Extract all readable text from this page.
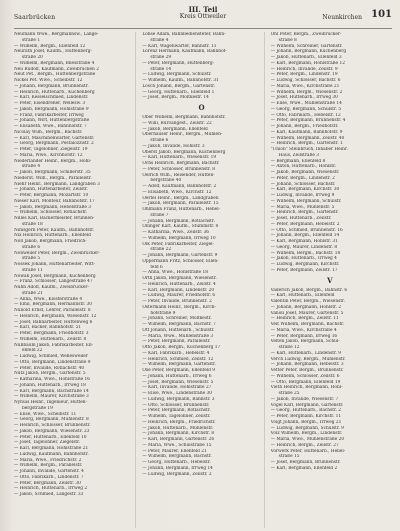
Saarbrücken
III. Teil
Kreis Ottweiler	Neunkirchen 101
Neumann Wwe., Bergmannsw., Lange-
straße 1
— Wilhelm, Bergm., Ellenfeld 12
Neurath Josef, Kaufm., Hüttenberg-
straße 20
— Wilhelm, Bergmann, Bliesstraße 4
Neu Rudolf, Kaufmann, Zweibrücken 2
Neut Pet., Bergm., Hüttenbergstraße
Nickel Pet. Wwe., Scheibstr. 12
— Johann, Bergmann, Brunnenstr.
— Heinrich, Hüttenarb., Kuchenberg
— Karl, Kesselschmied, Lindenstr.
— Peter, Eisendreher, Wellesw. 3
— Jakob, Bergmann, Hohlstraße 9
— Franz, Fabrikarbeiter, Irrweg
— Johann, Wirt, Hüttenbergstraße
— Elisabeth, Wwe., Bahnhofstr. 7
Nicolay Wilh., Bergm., Bachstr.
— Karl, Maschinenwärter, Gartenstr.
— Georg, Bergmann, Pestalozzistr. 2
— Peter, Tagelöhner, Ziegelstr. 19
— Maria, Wwe., Kirchhofstr. 12
Niederländer Heinr., Bergm., Hohl-
straße 4
— Jakob, Bergmann, Schillerstr. 35
Niederst. Wilh., Bergm., Parallelstr.
Niehr Heinr., Bergmann, Landgraben 3
— Johann, Hüttenarbeiter, Zeilstr.
— Peter, Bergmann, Mozartstr. 10
Nieser Karl, Monteur, Bahnhofstr. 17
— Jakob, Bergmann, Hebelstraße 3
— Wilhelm, Schlosser, Rotlachstr.
Nilles Karl, Bäckermeister, Brunnen-
straße 18
Nimsgern Peter, Kaufm., Bahnhofstr.
Nix Heinrich, Hüttenarb., Ellenfeld
Noll Jakob, Bergmann, Friedrich-
straße 6
Nonweiler Peter, Bergm., Zweibrücker-
straße 5
Nossek Johann, Hüttenarbeiter, Witt-
straße 11
Nowak Josef, Bergmann, Kuchenberg
— Franz, Schlosser, Langestraße 47
Nuhn Adolf, Kaufm., Zweibrücker-
straße 21
— Anna, Wwe., Klosterstraße 4
— Emil, Bergmann, Hermannstr. 30
Nunold Ernst, Lehrer, Parallelstr. 8
— Heinrich, Bergmann, Wiesenstr. 12
— Josef, Bahnarbeiter, Hüttenweg 6
— Karl, Bäcker, Bahnhofstr. 51
— Peter, Bergmann, Friedhofstr. 3
— Wilhelm, Hüttenarb., Zeilstr. 8
Nußbaum Jakob, Fabrikarbeiter, Ell-
enfeld 22
— Ludwig, Schmied, Wellesweiler
— Otto, Bergmann, Lindenstraße 9
— Peter, Invalide, Rotlachstr. 40
Nutz Jakob, Bergm., Gartenstr. 5
— Katharina, Wwe., Hohlstraße 16
— Johann, Hüttenarb., Irrweg 18
— Karl, Bergmann, Bachstraße 14
— Wilhelm, Maurer, Kirchstraße 3
Nyhuis Heinr., Ingenieur, Hütten-
bergstraße 19
— Elise, Wwe., Scheibstr. 11
— Georg, Bergmann, Mühlenstr. 8
— Heinrich, Schlosser, Brunnenstr.
— Jakob, Bergmann, Wiesenstr. 23
— Peter, Hüttenarb., Ellenfeld 10
— Josef, Tagelöhner, Ziegelstr.
— Karl, Bergmann, Hohlstraße 21
— Ludwig, Kaufmann, Bahnhofstr.
— Maria, Wwe., Friedrichstr. 2
— Wilhelm, Bergm., Parallelstr.
— Johann, Invalide, Gartenstr. 4
— Otto, Fabrikarb., Lindenstr. 7
— Peter, Bergmann, Zeilstr. 30
— Heinrich, Hüttenarb., Irrweg 2
— Jakob, Schmied, Langestr. 33
Lohse Adam, Bahnbediensteter, Bahn-
straße 4
— Karl, Wagenwärter, Bahnstr. 11
Lorenz Hermann, Kaufmann, Bahnhof-
straße 29
— Peter, Bergmann, Hüttenberg-
straße 14
— Ludwig, Bergmann, Schulstr.
— Wilhelm, Kaufm., Bahnhofstr. 31
Lösch Johann, Bergm., Gartenstr.
— Georg, Hüttenarb., Ellenfeld 1
— Josef, Bergm., Moltkestr. 14
O
Ober Wilhelm, Bergmann, Bahnhofstr.
— Willi, Büroangest., Zeilstr. 22
— Jakob, Bergmann, Ellenfeld
Oberhauser Heinr., Bergm., Mühlen-
straße 6
— Jakob, Invalide, Hohlstr. 3
Oberst Jakob, Bergmann, Kuchenberg
— Karl, Hüttenarb., Wiesenstr. 19
Ochs Heinrich, Bergmann, Bachstr.
— Peter, Schlosser, Brunnenstr. 8
Oelrich Wilh., Reisender, Hütten-
bergstraße 40
— Adolf, Kaufmann, Bahnhofstr. 2
— Elisabeth, Wwe., Kirchstr. 12
Oertel Heinr., Bergm., Landgraben
— Jakob, Bergmann, Parallelstr. 15
Ohlmann Franz, Hüttenarb., Hebel-
straße 7
— Johann, Bergmann, Rotlachstr.
Ollinger Karl, Kaufm., Stummstr. 8
— Katharina, Wwe., Zeilstr. 36
— Wilhelm, Bergmann, Irrweg 10
Olk Peter, Fabrikarbeiter, Ziegel-
straße 22
— Johann, Bergmann, Gartenstr. 9
Oppermann Fritz, Schlosser, Ellen-
feld 6
— Anna, Wwe., Hohlstraße 18
Orth Jakob, Bergmann, Wiesenstr.
— Heinrich, Hüttenarb., Zeilstr. 4
— Karl, Bergmann, Lindenstr. 20
— Ludwig, Maurer, Friedhofstr. 6
— Peter, Invalide, Brunnenstr. 2
Ostermann Heinr., Bergm., Kirch-
hofstraße 9
— Johann, Schreiner, Moltkestr.
— Wilhelm, Bergmann, Bachstr. 7
Ott Johann, Hüttenarb., Schulstr.
— Maria, Wwe., Mühlenstraße 3
— Peter, Bergmann, Parallelstr.
Otto Jakob, Bergm., Kuchenberg 17
— Karl, Fabrikarb., Hebelstr. 4
— Heinrich, Schmied, Zeilstr. 12
— Wilhelm, Bergmann, Gartenstr.
Oxé Peter, Bergmann, Ellenfeld 9
— Johann, Hüttenarb., Irrweg 6
— Josef, Bergmann, Wiesenstr. 5
— Karl, Invalide, Hohlstraße 27
— Elise, Wwe., Lindenstraße 30
— Ludwig, Bergmann, Bahnstr. 3
— Otto, Schlosser, Brunnenstr.
— Peter, Bergmann, Rotlachstr.
— Wilhelm, Tagelöhner, Zeilstr.
— Heinrich, Bergm., Friedrichstr.
— Jakob, Hüttenarb., Mühlenstr.
— Johann, Bergmann, Kirchstr. 8
— Karl, Bergmann, Gartenstr. 26
— Maria, Wwe., Schulstraße 15
— Peter, Maurer, Ellenfeld 21
— Wilhelm, Bergmann, Bachstr.
— Georg, Hüttenarb., Hebelstr.
— Johann, Bergmann, Irrweg 14
— Ludwig, Bergmann, Zeilstr. 2
Ohl Peter, Bergm., Zweibrücker-
straße 8
— Wilhelm, Schreiner, Gartenstr.
— Johann, Bergmann, Kuchenberg
— Jakob, Hüttenarb., Ellenfeld 3
— Karl, Bergmann, Hohlstraße 12
— Heinrich, Invalide, Zeilstr. 9
— Peter, Bergm., Lindenstr. 19
— Ludwig, Schlosser, Bachstr. 6
— Maria, Wwe., Kirchstraße 21
— Wilhelm, Bergm., Wiesenstr. 2
— Josef, Hüttenarb., Irrweg 30
— Elise, Wwe., Mühlenstraße 14
— Georg, Bergmann, Schulstr. 5
— Otto, Fabrikarb., Hebelstr. 12
— Peter, Bergmann, Brunnenstr. 4
— Johann, Bergm., Friedhofstr.
— Karl, Kaufmann, Bahnhofstr. 9
— Wilhelm, Bergmann, Zeilstr. 40
— Heinrich, Bergm., Gartenstr. 1
"Union" Steinbruch, Inhaber Heinr.
Haus, Zeilstraße 3
— Bergmann, Ellenfeld 8
— Anton, Hüttenarb., Hohlstr.
— Jakob, Bergmann, Wiesenstr.
— Peter, Bergm., Lindenstr. 2
— Johann, Schlosser, Bachstr.
— Karl, Bergmann, Kirchstr. 30
— Ludwig, Invalide, Irrweg 9
— Wilhelm, Bergmann, Schulstr.
— Maria, Wwe., Mühlenstr. 5
— Heinrich, Bergm., Gartenstr.
— Josef, Hüttenarb., Zeilstr.
— Peter, Bergmann, Hebelstr. 2
— Otto, Schmied, Brunnenstr. 16
— Johann, Bergm., Ellenfeld 14
— Karl, Bergmann, Hohlstr. 31
— Georg, Maurer, Lindenstr. 8
— Wilhelm, Bergm., Bachstr. 18
— Jakob, Hüttenarb., Irrweg 4
— Ludwig, Bergmann, Kirchstr.
— Peter, Bergmann, Zeilstr. 17
V
Vaderich Jakob, Bergm., Bahnstr. 6
— Karl, Hüttenarb., Ellenfeld
Valentin Peter, Bergm., Wiesenstr.
— Johann, Bergmann, Hohlstr. 2
Vanoli Josef, Maurer, Gartenstr. 5
— Heinrich, Bergm., Zeilstr. 11
Veit Wilhelm, Bergmann, Bachstr.
— Maria, Wwe., Kirchstraße 4
— Peter, Bergmann, Irrweg 16
Velten Jakob, Bergmann, Schul-
straße 12
— Karl, Hüttenarb., Lindenstr. 9
Verch Ludwig, Bergm., Mühlenstr.
— Johann, Bergmann, Hebelstr. 3
Vetter Peter, Bergm., Brunnenstr.
— Wilhelm, Schlosser, Zeilstr. 6
— Otto, Bergmann, Ellenfeld 19
Vieth Heinrich, Bergmann, Hohl-
straße 25
— Jakob, Invalide, Wiesenstr. 7
Vogel Karl, Bergmann, Gartenstr.
— Georg, Hüttenarb., Bachstr. 2
— Peter, Bergmann, Kirchstr. 11
Voigt Johann, Bergm., Irrweg 21
— Ludwig, Bergmann, Schulstr. 9
Volz Wilhelm, Bergm., Lindenstr.
— Maria, Wwe., Mühlenstraße 20
— Heinrich, Bergm., Zeilstr. 27
Vorwerk Peter, Hüttenarb., Hebel-
straße 15
— Josef, Bergmann, Brunnenstr.
— Karl, Bergmann, Ellenfeld 2
